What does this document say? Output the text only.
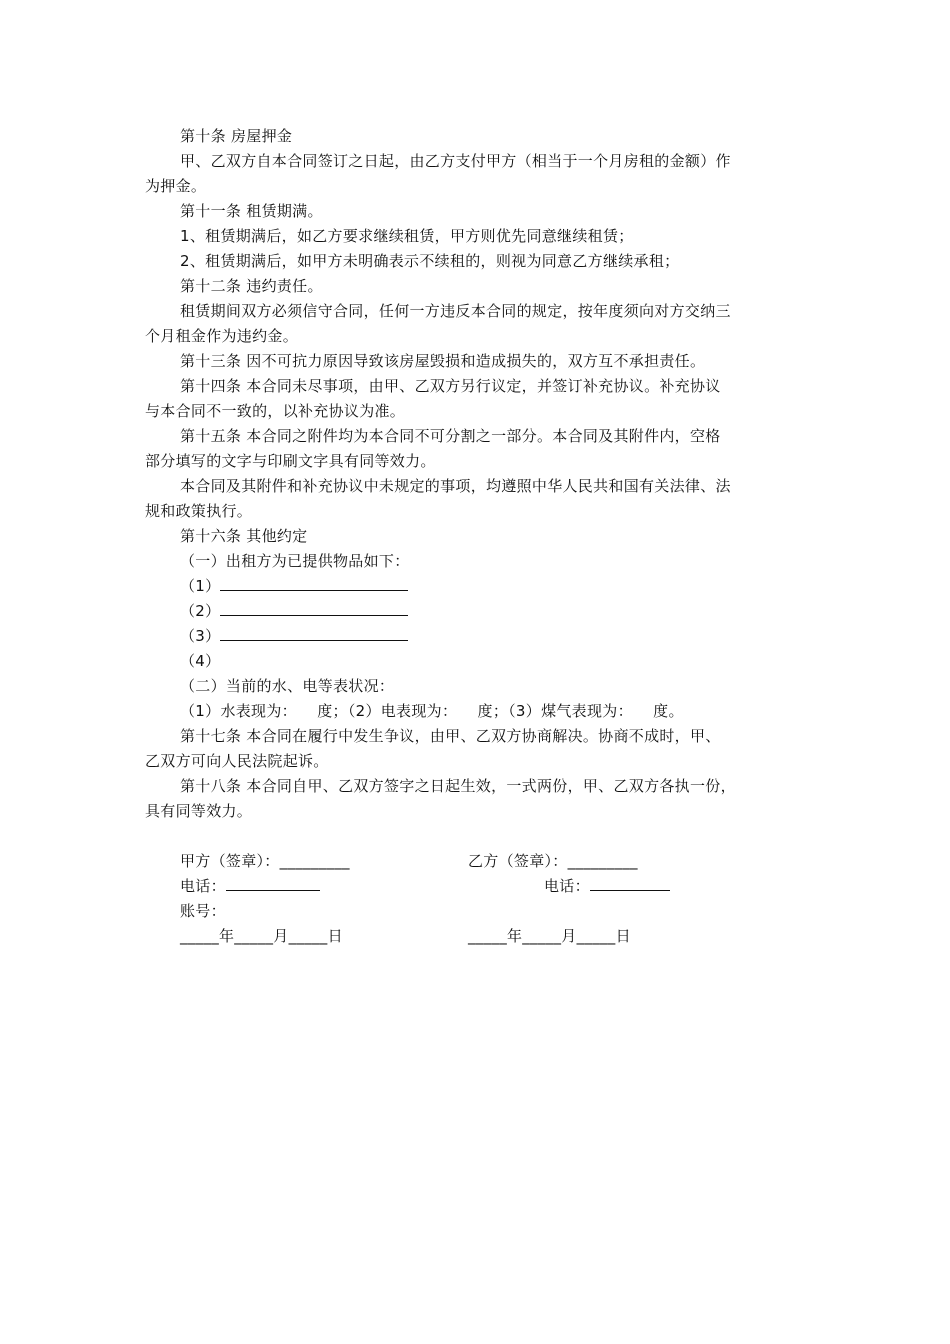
第十条 房屋押金
甲、乙双方自本合同签订之日起，由乙方支付甲方（相当于一个月房租的金额）作
为押金。
第十一条 租赁期满。
1、租赁期满后，如乙方要求继续租赁，甲方则优先同意继续租赁；
2、租赁期满后，如甲方未明确表示不续租的，则视为同意乙方继续承租；
第十二条 违约责任。
租赁期间双方必须信守合同，任何一方违反本合同的规定，按年度须向对方交纳三
个月租金作为违约金。
第十三条 因不可抗力原因导致该房屋毁损和造成损失的，双方互不承担责任。
第十四条 本合同未尽事项，由甲、乙双方另行议定，并签订补充协议。补充协议
与本合同不一致的，以补充协议为准。
第十五条 本合同之附件均为本合同不可分割之一部分。本合同及其附件内，空格
部分填写的文字与印刷文字具有同等效力。
本合同及其附件和补充协议中未规定的事项，均遵照中华人民共和国有关法律、法
规和政策执行。
第十六条 其他约定
（一）出租方为已提供物品如下：
（1）
（2）
（3）
（4）
（二）当前的水、电等表状况：
（1）水表现为：    度；（2）电表现为：    度；（3）煤气表现为：    度。
第十七条 本合同在履行中发生争议，由甲、乙双方协商解决。协商不成时，甲、
乙双方可向人民法院起诉。
第十八条 本合同自甲、乙双方签字之日起生效，一式两份，甲、乙双方各执一份，
具有同等效力。
甲方（签章）：_________	乙方（签章）：_________
电话：	电话：
账号：
_____年_____月_____日	_____年_____月_____日
